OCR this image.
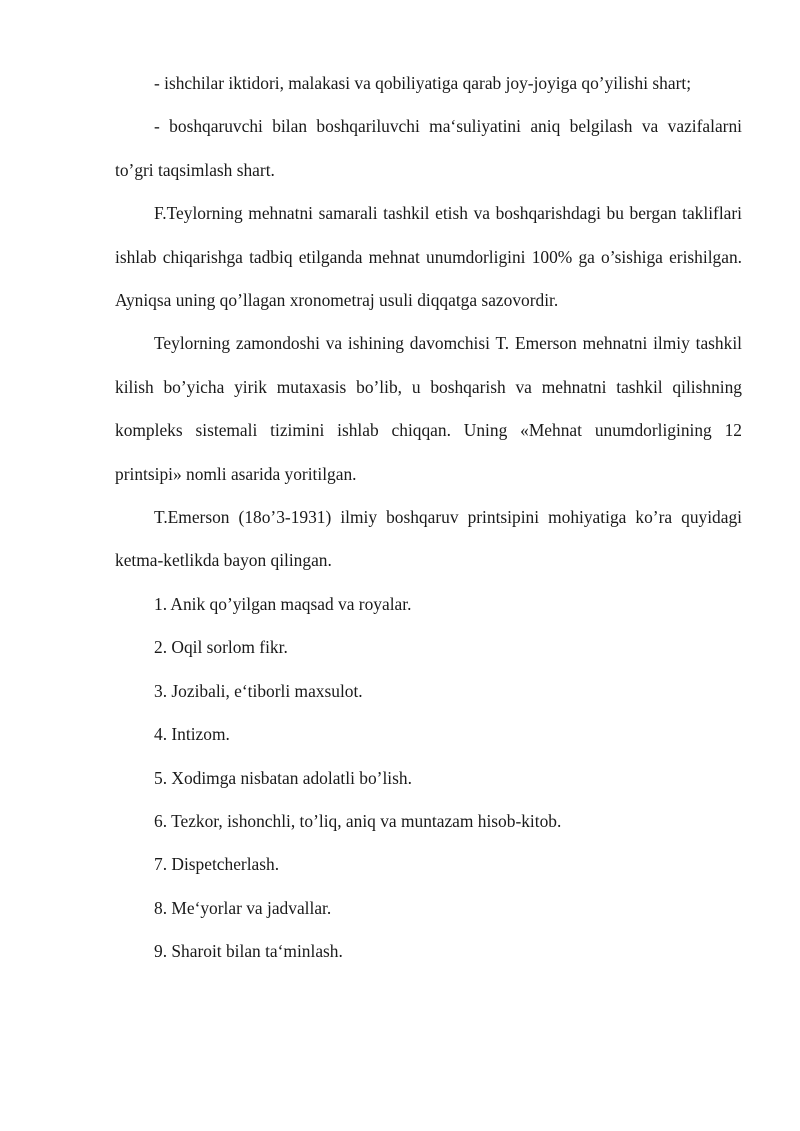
- ishchilar iktidori, malakasi va qobiliyatiga qarab joy-joyiga qo’yilishi shart;

- boshqaruvchi bilan boshqariluvchi ma‘suliyatini aniq belgilash va vazifalarni to’gri taqsimlash shart.

F.Teylorning mehnatni samarali tashkil etish va boshqarishdagi bu bergan takliflari ishlab chiqarishga tadbiq etilganda mehnat unumdorligini 100% ga o’sishiga erishilgan. Ayniqsa uning qo’llagan xronometraj usuli diqqatga sazovordir.

Teylorning zamondoshi va ishining davomchisi T. Emerson mehnatni ilmiy tashkil kilish bo’yicha yirik mutaxasis bo’lib, u boshqarish va mehnatni tashkil qilishning kompleks sistemali tizimini ishlab chiqqan. Uning «Mehnat unumdorligining 12 printsipi» nomli asarida yoritilgan.

T.Emerson (18o’3-1931) ilmiy boshqaruv printsipini mohiyatiga ko’ra quyidagi ketma-ketlikda bayon qilingan.

1. Anik qo’yilgan maqsad va royalar.

2. Oqil sorlom fikr.

3. Jozibali, e‘tiborli maxsulot.

4. Intizom.

5. Xodimga nisbatan adolatli bo’lish.

6. Tezkor, ishonchli, to’liq, aniq va muntazam hisob-kitob.

7. Dispetcherlash.

8. Me‘yorlar va jadvallar.

9. Sharoit bilan ta‘minlash.
